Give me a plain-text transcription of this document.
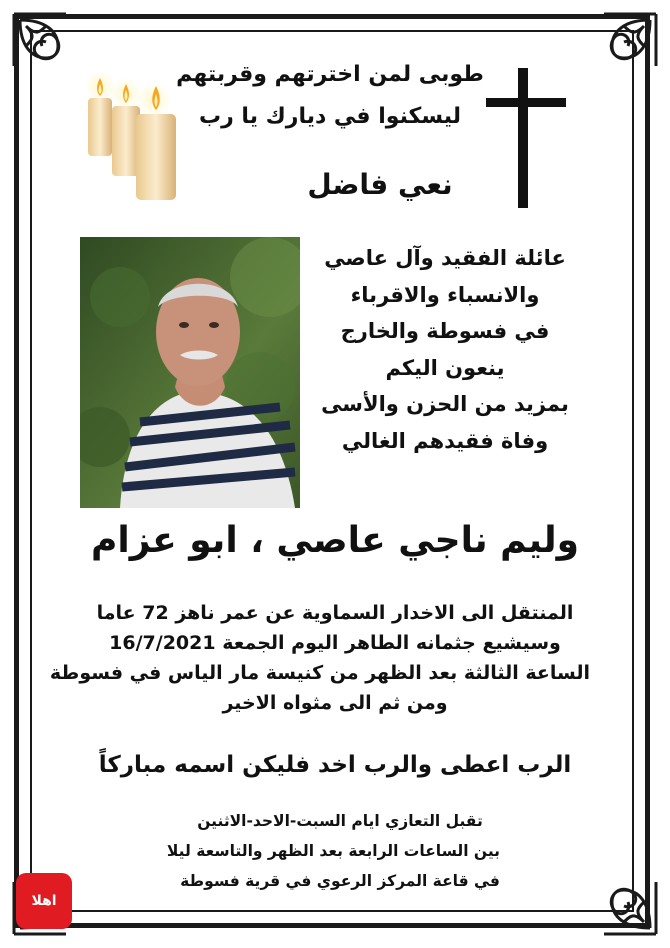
طوبى لمن اخترتهم وقربتهم
ليسكنوا في ديارك يا رب
نعي فاضل
عائلة الفقيد وآل عاصي
والانسباء والاقرباء
في فسوطة والخارج
ينعون اليكم
بمزيد من الحزن والأسى
وفاة فقيدهم الغالي
وليم ناجي عاصي ، ابو عزام
المنتقل الى الاخدار السماوية عن عمر ناهز 72 عاما
وسيشيع جثمانه الطاهر اليوم الجمعة 16/7/2021
الساعة الثالثة بعد الظهر من كنيسة مار الياس في فسوطة
ومن ثم الى مثواه الاخير
الرب اعطى والرب اخد فليكن اسمه مباركاً
تقبل التعازي ايام السبت-الاحد-الاثنين
بين الساعات الرابعة بعد الظهر والتاسعة ليلا
في قاعة المركز الرعوي في قرية فسوطة
اهلا
